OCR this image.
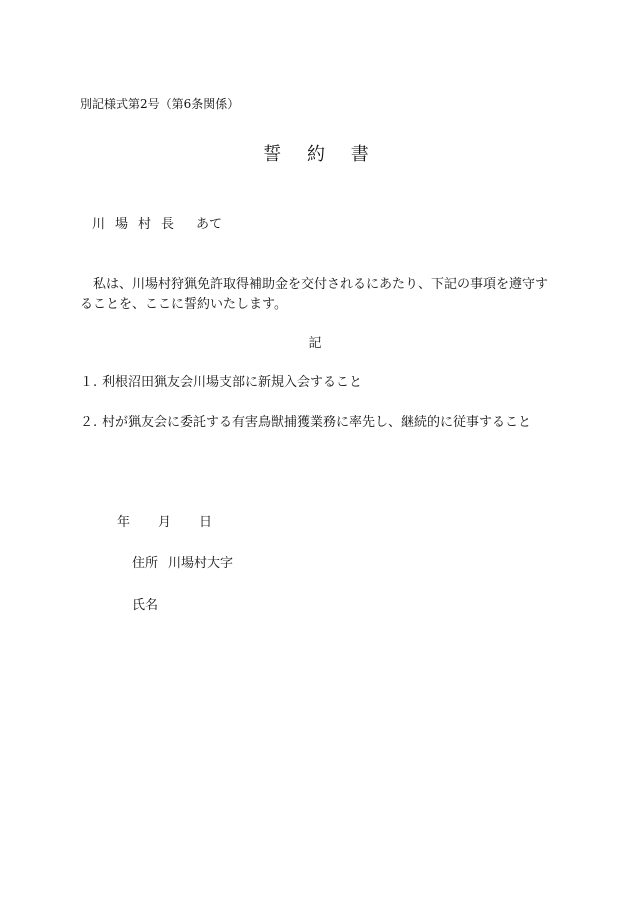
別記様式第2号（第6条関係）
誓 約 書
川場村長 あて
私は、川場村狩猟免許取得補助金を交付されるにあたり、下記の事項を遵守することを、ここに誓約いたします。
記
１. 利根沼田猟友会川場支部に新規入会すること
２. 村が猟友会に委託する有害鳥獣捕獲業務に率先し、継続的に従事すること
年 月 日
住所 川場村大字
氏名
